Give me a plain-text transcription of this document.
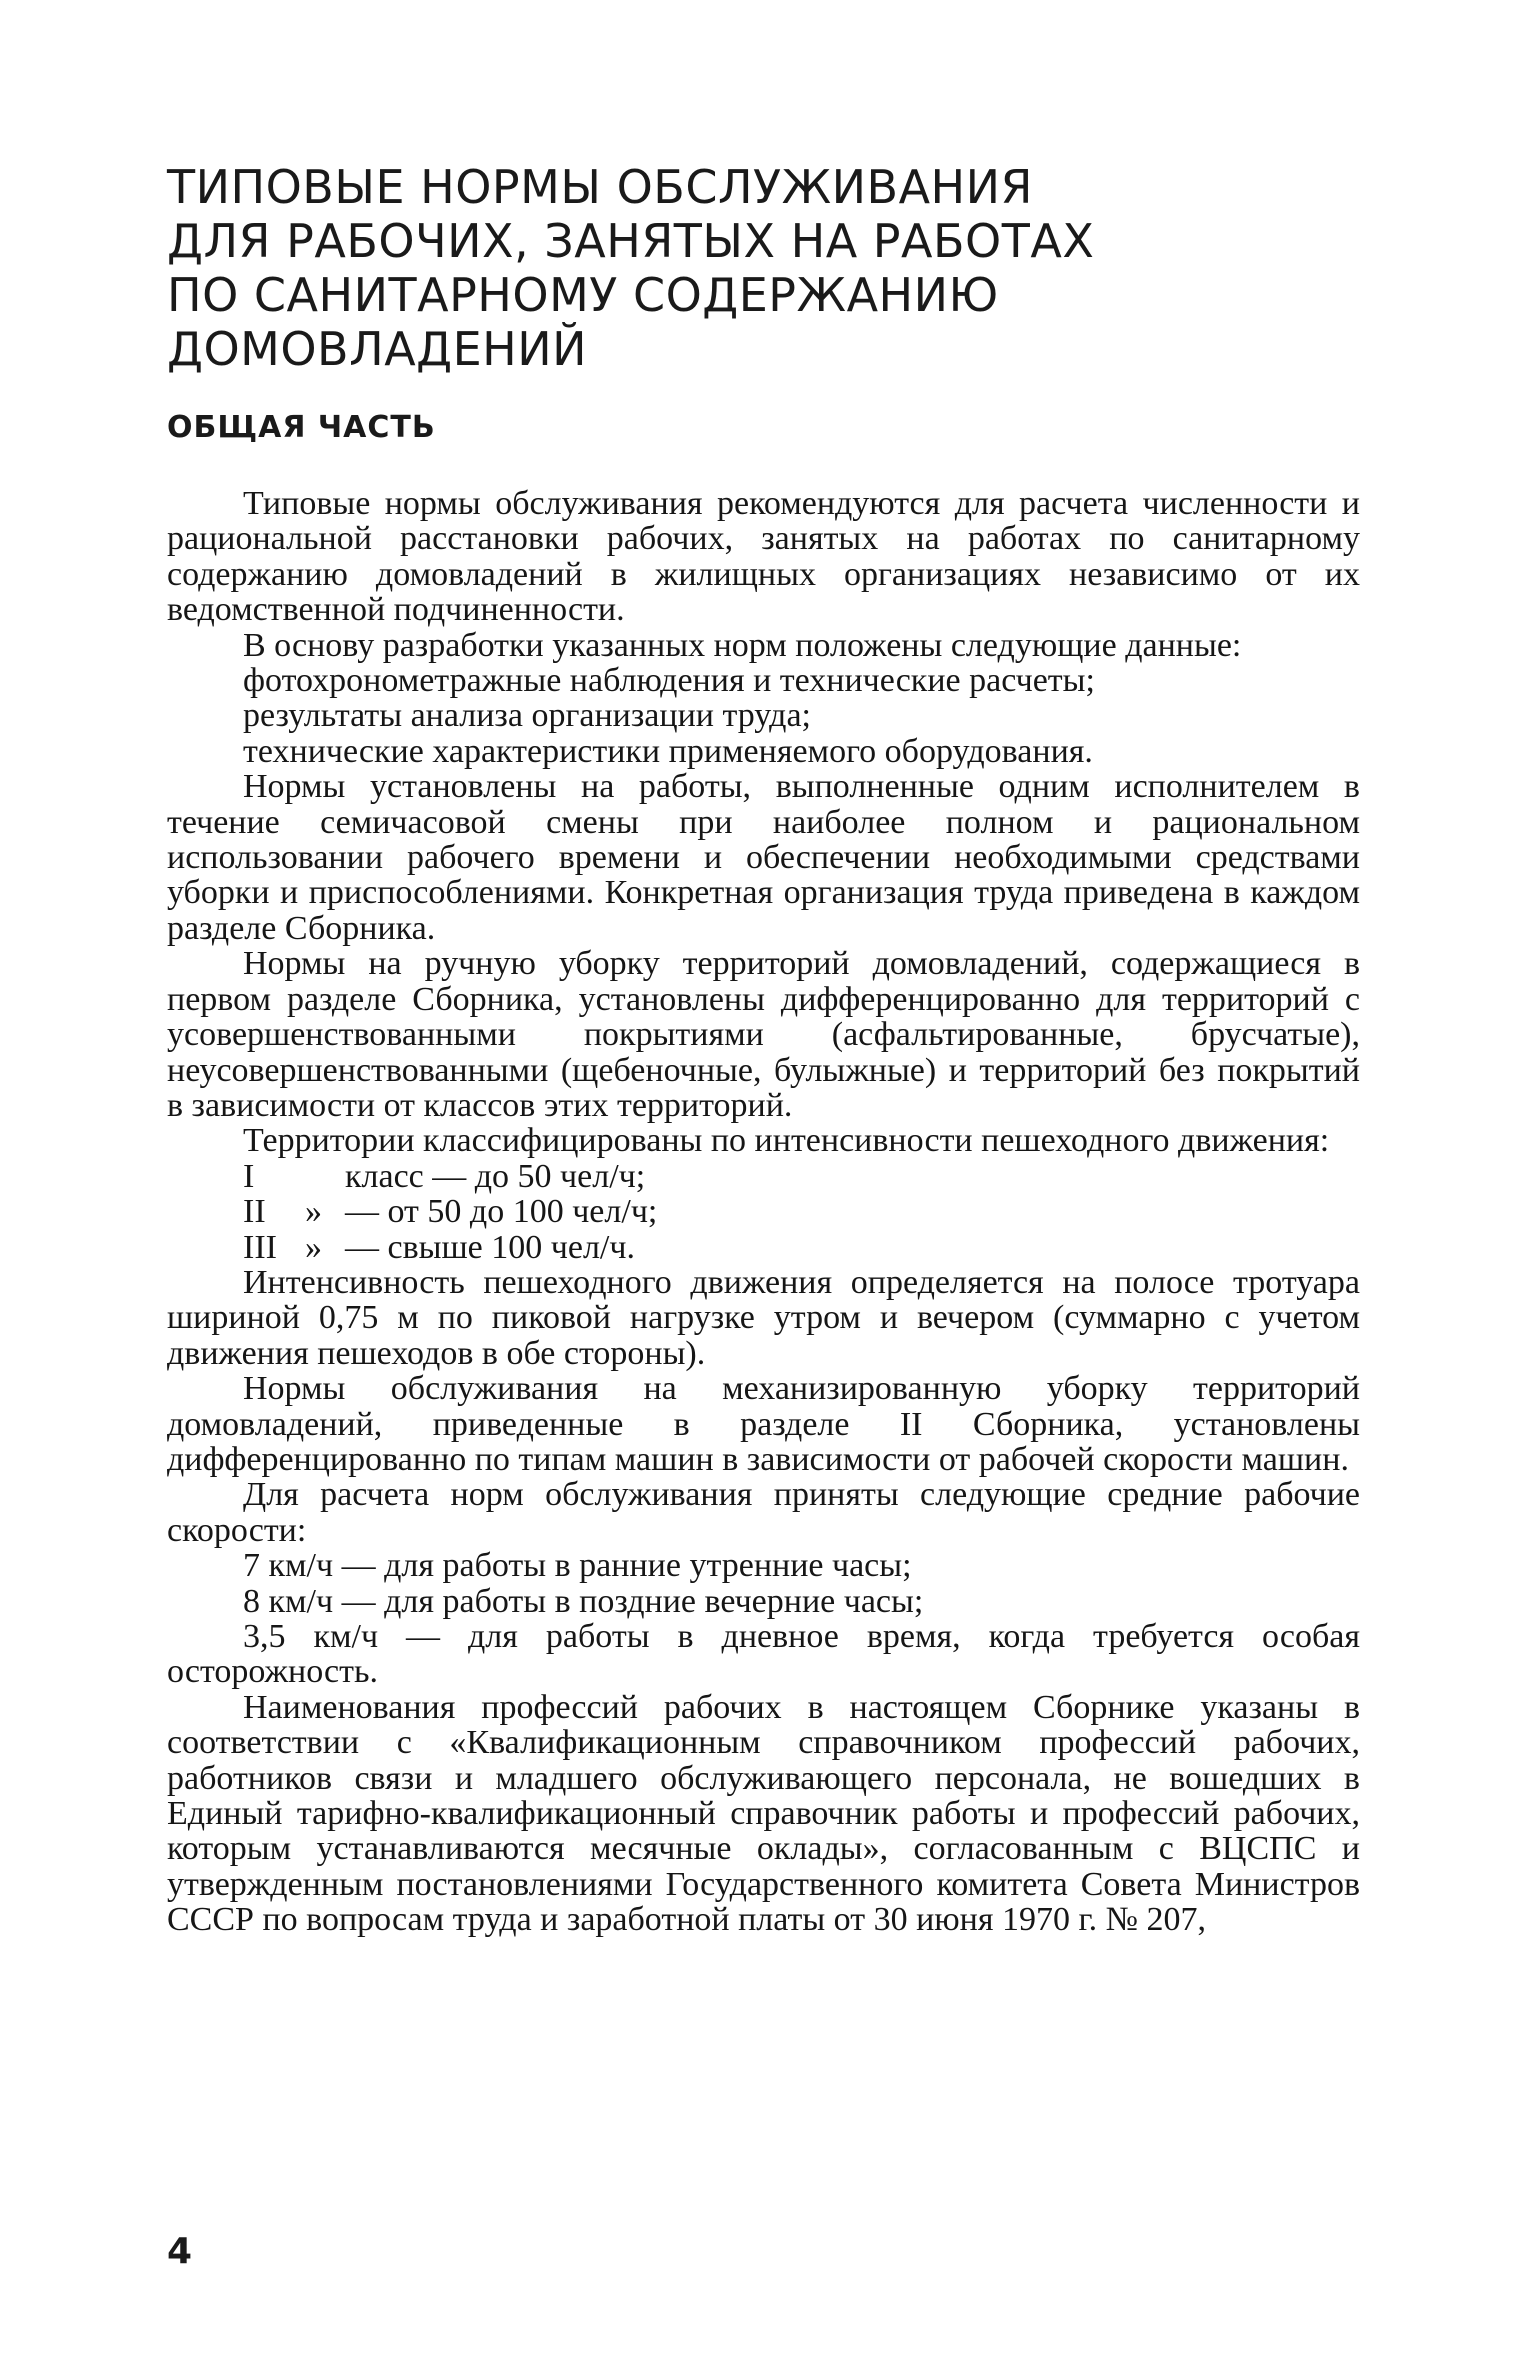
ТИПОВЫЕ НОРМЫ ОБСЛУЖИВАНИЯ
ДЛЯ РАБОЧИХ, ЗАНЯТЫХ НА РАБОТАХ
ПО САНИТАРНОМУ СОДЕРЖАНИЮ
ДОМОВЛАДЕНИЙ
ОБЩАЯ ЧАСТЬ

Типовые нормы обслуживания рекомендуются для расчета численности и рациональной расстановки рабочих, занятых на работах по санитарному содержанию домовладений в жилищных организациях независимо от их ведомственной подчиненности.

В основу разработки указанных норм положены следующие данные:

фотохронометражные наблюдения и технические расчеты;

результаты анализа организации труда;

технические характеристики применяемого оборудования.

Нормы установлены на работы, выполненные одним исполнителем в течение семичасовой смены при наиболее полном и рациональном использовании рабочего времени и обеспечении необходимыми средствами уборки и приспособлениями. Конкретная организация труда приведена в каждом разделе Сборника.

Нормы на ручную уборку территорий домовладений, содержащиеся в первом разделе Сборника, установлены дифференцированно для территорий с усовершенствованными покрытиями (асфальтированные, брусчатые), неусовершенствованными (щебеночные, булыжные) и территорий без покрытий в зависимости от классов этих территорий.

Территории классифицированы по интенсивности пешеходного движения:

I	класс — до 50 чел/ч;
II » — от 50 до 100 чел/ч;
III » — свыше 100 чел/ч.

Интенсивность пешеходного движения определяется на полосе тротуара шириной 0,75 м по пиковой нагрузке утром и вечером (суммарно с учетом движения пешеходов в обе стороны).

Нормы обслуживания на механизированную уборку территорий домовладений, приведенные в разделе II Сборника, установлены дифференцированно по типам машин в зависимости от рабочей скорости машин.

Для расчета норм обслуживания приняты следующие средние рабочие скорости:

7 км/ч — для работы в ранние утренние часы;

8 км/ч — для работы в поздние вечерние часы;

3,5 км/ч — для работы в дневное время, когда требуется особая осторожность.

Наименования профессий рабочих в настоящем Сборнике указаны в соответствии с «Квалификационным справочником профессий рабочих, работников связи и младшего обслуживающего персонала, не вошедших в Единый тарифно-квалификационный справочник работы и профессий рабочих, которым устанавливаются месячные оклады», согласованным с ВЦСПС и утвержденным постановлениями Государственного комитета Совета Министров СССР по вопросам труда и заработной платы от 30 июня 1970 г. № 207,

4
